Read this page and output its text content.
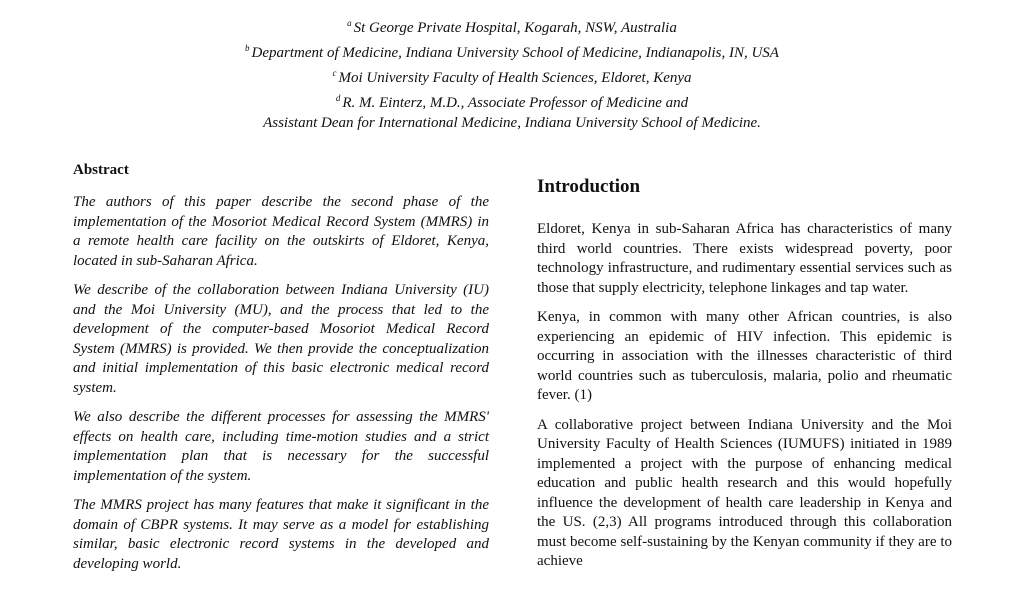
$^a$ St George Private Hospital, Kogarah, NSW, Australia
$^b$ Department of Medicine, Indiana University School of Medicine, Indianapolis, IN, USA
$^c$ Moi University Faculty of Health Sciences, Eldoret, Kenya
$^d$ R. M. Einterz, M.D., Associate Professor of Medicine and
Assistant Dean for International Medicine, Indiana University School of Medicine.
Abstract

The authors of this paper describe the second phase of the implementation of the Mosoriot Medical Record System (MMRS) in a remote health care facility on the outskirts of Eldoret, Kenya, located in sub-Saharan Africa.

We describe of the collaboration between Indiana University (IU) and the Moi University (MU), and the process that led to the development of the computer-based Mosoriot Medical Record System (MMRS) is provided. We then provide the conceptualization and initial implementation of this basic electronic medical record system.

We also describe the different processes for assessing the MMRS' effects on health care, including time-motion studies and a strict implementation plan that is necessary for the successful implementation of the system.

The MMRS project has many features that make it significant in the domain of CBPR systems. It may serve as a model for establishing similar, basic electronic record systems in the developed and developing world.

Introduction

Eldoret, Kenya in sub-Saharan Africa has characteristics of many third world countries. There exists widespread poverty, poor technology infrastructure, and rudimentary essential services such as those that supply electricity, telephone linkages and tap water.

Kenya, in common with many other African countries, is also experiencing an epidemic of HIV infection. This epidemic is occurring in association with the illnesses characteristic of third world countries such as tuberculosis, malaria, polio and rheumatic fever. (1)

A collaborative project between Indiana University and the Moi University Faculty of Health Sciences (IUMUFS) initiated in 1989 implemented a project with the purpose of enhancing medical education and public health research and this would hopefully influence the development of health care leadership in Kenya and the US. (2,3) All programs introduced through this collaboration must become self-sustaining by the Kenyan community if they are to achieve
